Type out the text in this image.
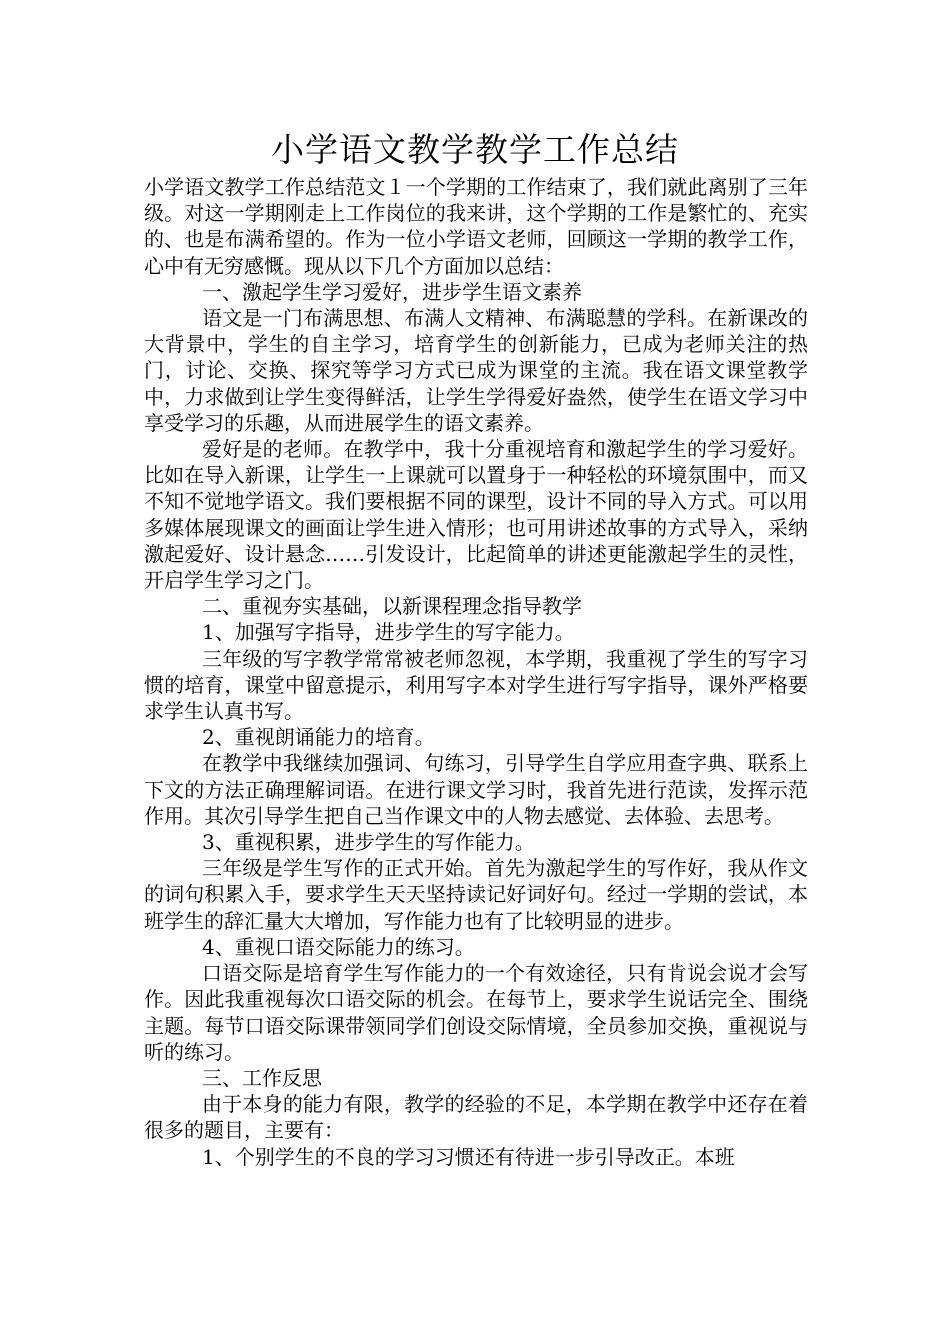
小学语文教学教学工作总结

小学语文教学工作总结范文１一个学期的工作结束了，我们就此离别了三年级。对这一学期刚走上工作岗位的我来讲，这个学期的工作是繁忙的、充实的、也是布满希望的。作为一位小学语文老师，回顾这一学期的教学工作，心中有无穷感慨。现从以下几个方面加以总结：

一、激起学生学习爱好，进步学生语文素养

语文是一门布满思想、布满人文精神、布满聪慧的学科。在新课改的大背景中，学生的自主学习，培育学生的创新能力，已成为老师关注的热门，讨论、交换、探究等学习方式已成为课堂的主流。我在语文课堂教学中，力求做到让学生变得鲜活，让学生学得爱好盎然，使学生在语文学习中享受学习的乐趣，从而进展学生的语文素养。

爱好是的老师。在教学中，我十分重视培育和激起学生的学习爱好。比如在导入新课，让学生一上课就可以置身于一种轻松的环境氛围中，而又不知不觉地学语文。我们要根据不同的课型，设计不同的导入方式。可以用多媒体展现课文的画面让学生进入情形；也可用讲述故事的方式导入，采纳激起爱好、设计悬念……引发设计，比起简单的讲述更能激起学生的灵性，开启学生学习之门。

二、重视夯实基础，以新课程理念指导教学

1、加强写字指导，进步学生的写字能力。

三年级的写字教学常常被老师忽视，本学期，我重视了学生的写字习惯的培育，课堂中留意提示，利用写字本对学生进行写字指导，课外严格要求学生认真书写。

2、重视朗诵能力的培育。

在教学中我继续加强词、句练习，引导学生自学应用查字典、联系上下文的方法正确理解词语。在进行课文学习时，我首先进行范读，发挥示范作用。其次引导学生把自己当作课文中的人物去感觉、去体验、去思考。

3、重视积累，进步学生的写作能力。

三年级是学生写作的正式开始。首先为激起学生的写作好，我从作文的词句积累入手，要求学生天天坚持读记好词好句。经过一学期的尝试，本班学生的辞汇量大大增加，写作能力也有了比较明显的进步。

4、重视口语交际能力的练习。

口语交际是培育学生写作能力的一个有效途径，只有肯说会说才会写作。因此我重视每次口语交际的机会。在每节上，要求学生说话完全、围绕主题。每节口语交际课带领同学们创设交际情境，全员参加交换，重视说与听的练习。

三、工作反思

由于本身的能力有限，教学的经验的不足，本学期在教学中还存在着很多的题目，主要有：

1、个别学生的不良的学习习惯还有待进一步引导改正。本班
